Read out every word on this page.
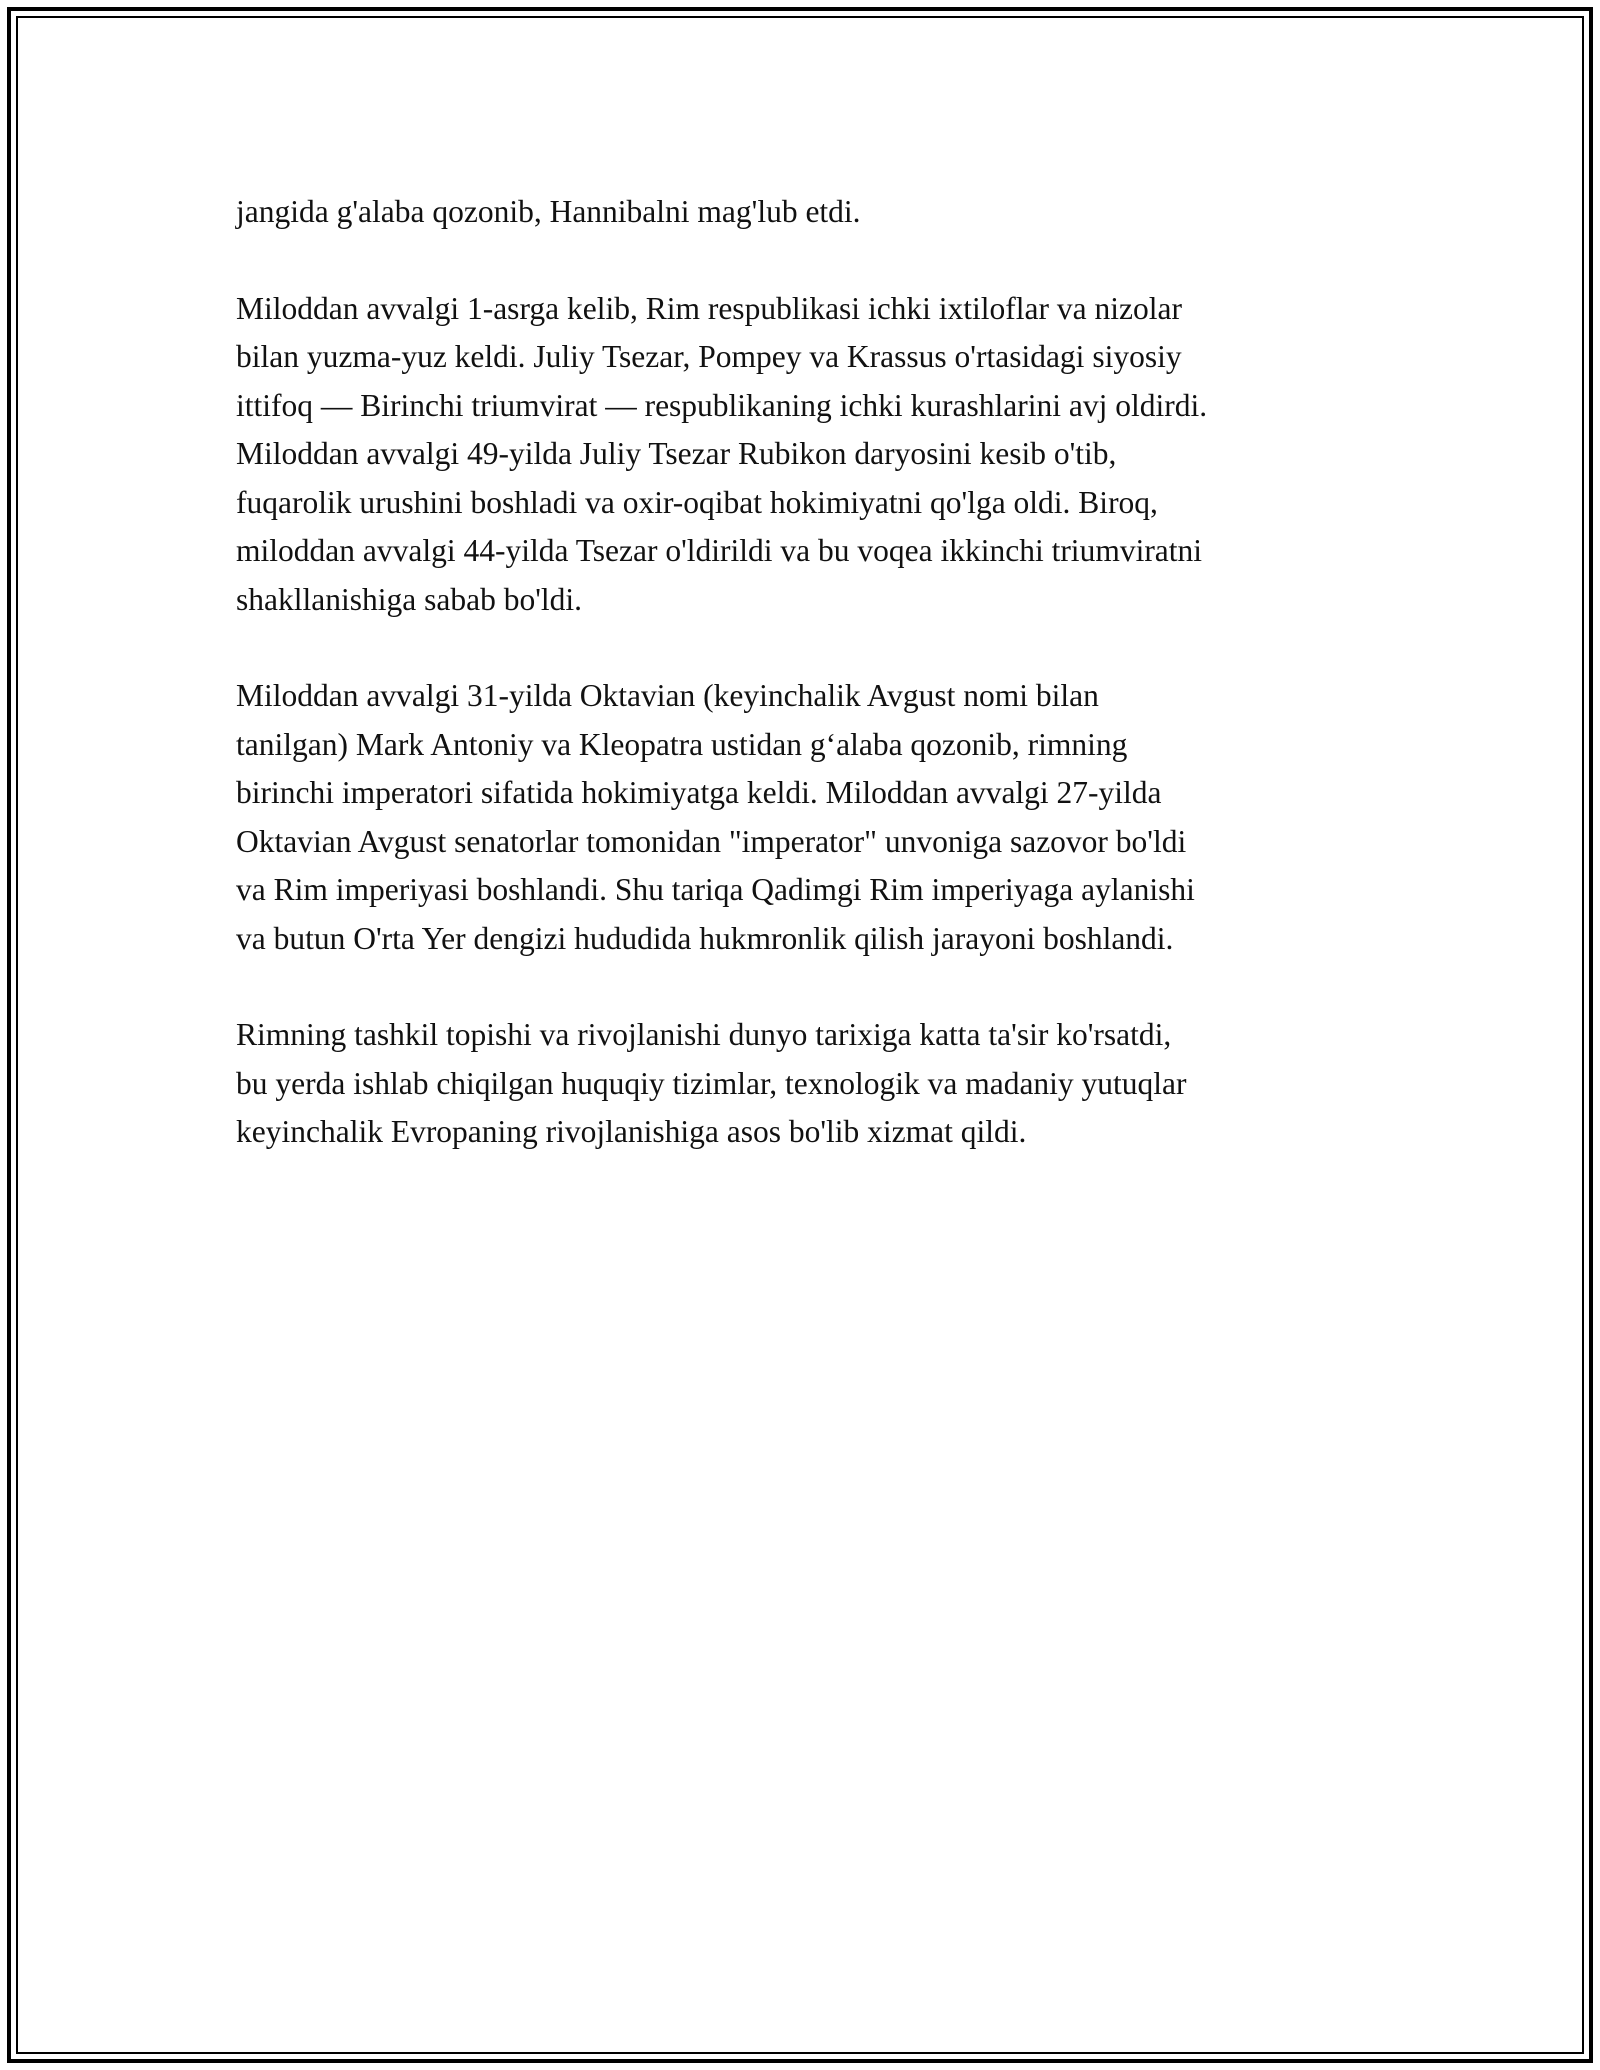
jangida g'alaba qozonib, Hannibalni mag'lub etdi.

Miloddan avvalgi 1-asrga kelib, Rim respublikasi ichki ixtiloflar va nizolar
bilan yuzma-yuz keldi. Juliy Tsezar, Pompey va Krassus o'rtasidagi siyosiy
ittifoq — Birinchi triumvirat — respublikaning ichki kurashlarini avj oldirdi.
Miloddan avvalgi 49-yilda Juliy Tsezar Rubikon daryosini kesib o'tib,
fuqarolik urushini boshladi va oxir-oqibat hokimiyatni qo'lga oldi. Biroq,
miloddan avvalgi 44-yilda Tsezar o'ldirildi va bu voqea ikkinchi triumviratni
shakllanishiga sabab bo'ldi.

Miloddan avvalgi 31-yilda Oktavian (keyinchalik Avgust nomi bilan
tanilgan) Mark Antoniy va Kleopatra ustidan g‘alaba qozonib, rimning
birinchi imperatori sifatida hokimiyatga keldi. Miloddan avvalgi 27-yilda
Oktavian Avgust senatorlar tomonidan "imperator" unvoniga sazovor bo'ldi
va Rim imperiyasi boshlandi. Shu tariqa Qadimgi Rim imperiyaga aylanishi
va butun O'rta Yer dengizi hududida hukmronlik qilish jarayoni boshlandi.

Rimning tashkil topishi va rivojlanishi dunyo tarixiga katta ta'sir ko'rsatdi,
bu yerda ishlab chiqilgan huquqiy tizimlar, texnologik va madaniy yutuqlar
keyinchalik Evropaning rivojlanishiga asos bo'lib xizmat qildi.
